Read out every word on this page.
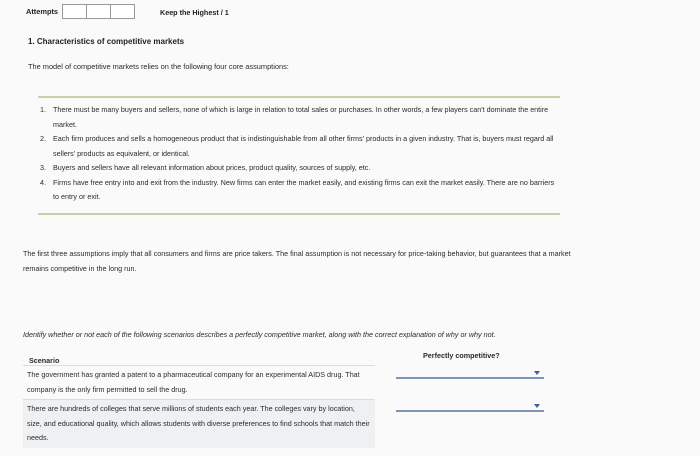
Attempts	Keep the Highest / 1
1. Characteristics of competitive markets
The model of competitive markets relies on the following four core assumptions:
1. There must be many buyers and sellers, none of which is large in relation to total sales or purchases. In other words, a few players can't dominate the entire market.
2. Each firm produces and sells a homogeneous product that is indistinguishable from all other firms' products in a given industry. That is, buyers must regard all sellers' products as equivalent, or identical.
3. Buyers and sellers have all relevant information about prices, product quality, sources of supply, etc.
4. Firms have free entry into and exit from the industry. New firms can enter the market easily, and existing firms can exit the market easily. There are no barriers to entry or exit.
The first three assumptions imply that all consumers and firms are price takers. The final assumption is not necessary for price-taking behavior, but guarantees that a market remains competitive in the long run.
Identify whether or not each of the following scenarios describes a perfectly competitive market, along with the correct explanation of why or why not.
Scenario
Perfectly competitive?
The government has granted a patent to a pharmaceutical company for an experimental AIDS drug. That company is the only firm permitted to sell the drug.
There are hundreds of colleges that serve millions of students each year. The colleges vary by location, size, and educational quality, which allows students with diverse preferences to find schools that match their needs.
